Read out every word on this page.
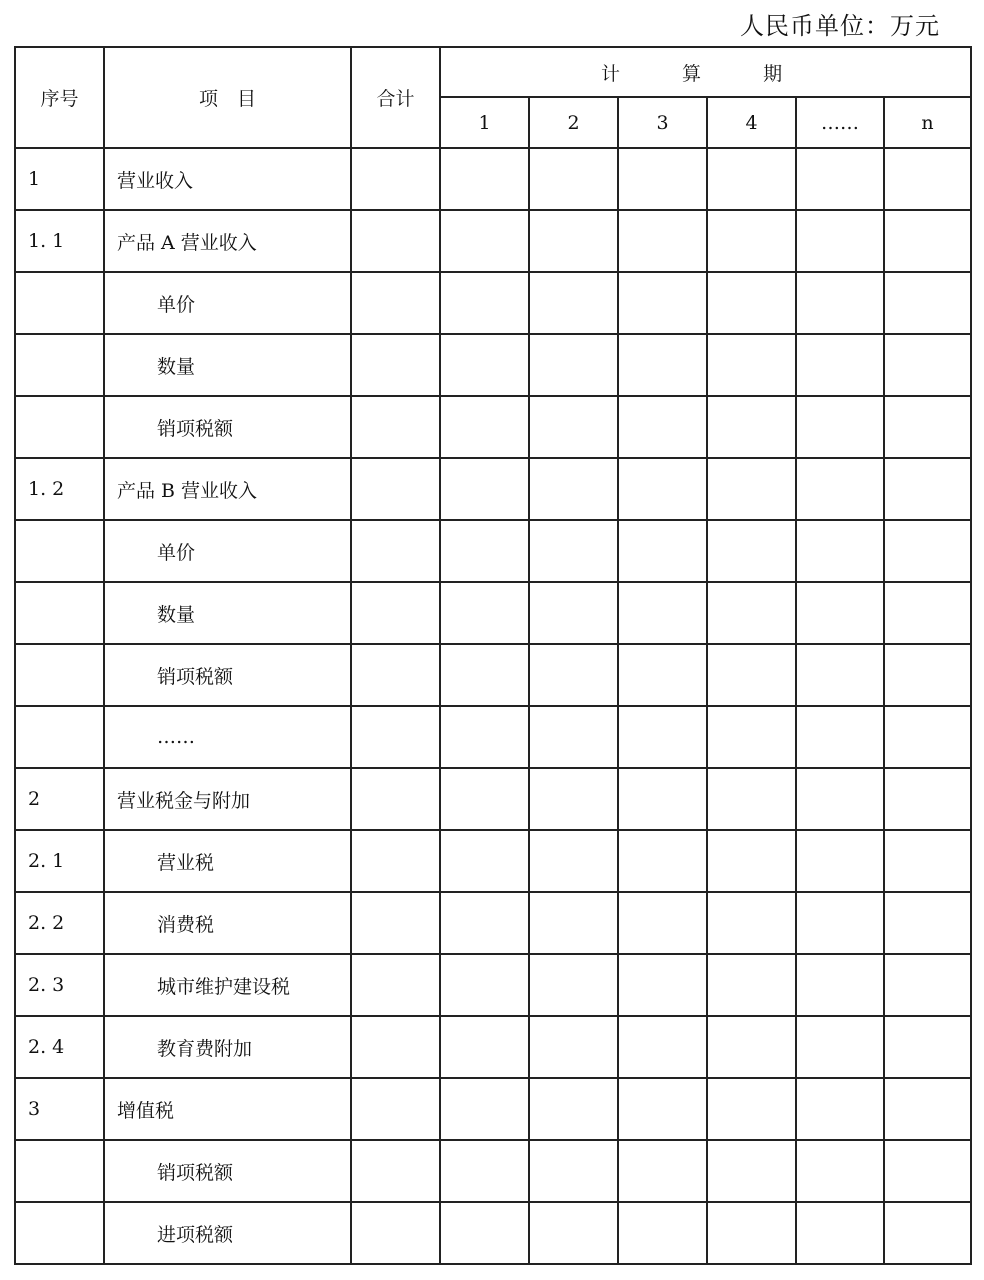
人民币单位：万元
序号	项　目	合计	计 算 期					
			1	2	3	4	……	n
1	营业收入							
1. 1	产品 A 营业收入							
	单价							
	数量							
	销项税额							
1. 2	产品 B 营业收入							
	单价							
	数量							
	销项税额							
	……							
2	营业税金与附加							
2. 1	营业税							
2. 2	消费税							
2. 3	城市维护建设税							
2. 4	教育费附加							
3	增值税							
	销项税额							
	进项税额							
